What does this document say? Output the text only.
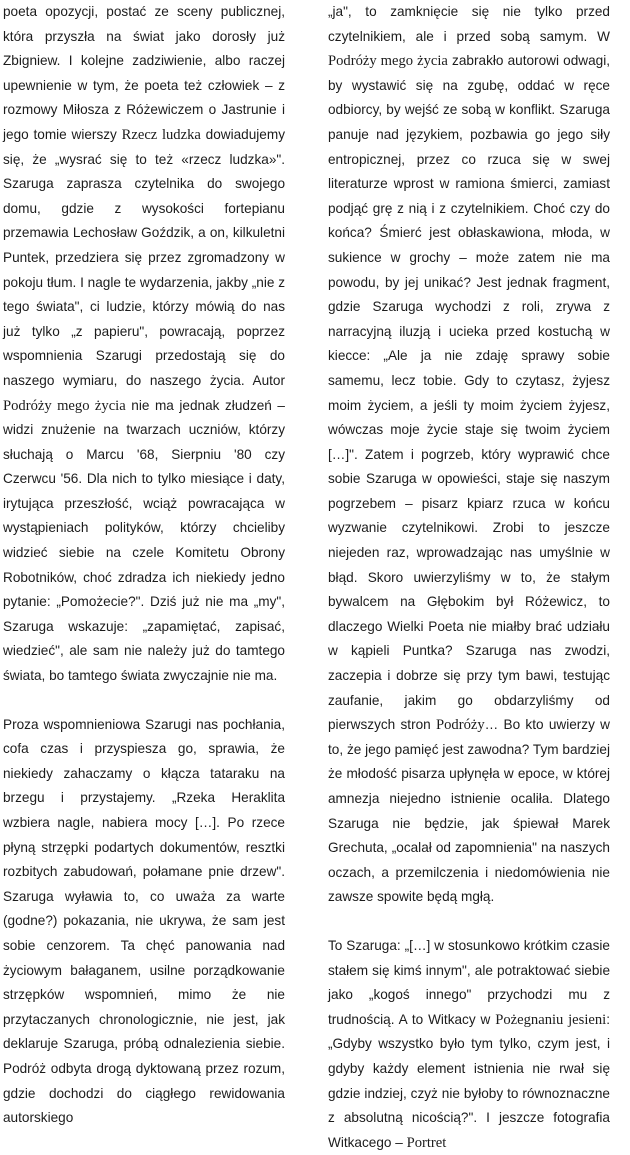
poeta opozycji, postać ze sceny publicznej, która przyszła na świat jako dorosły już Zbigniew. I kolejne zadziwienie, albo raczej upewnienie w tym, że poeta też człowiek – z rozmowy Miłosza z Różewiczem o Jastrunie i jego tomie wierszy Rzecz ludzka dowiadujemy się, że „wysrać się to też «rzecz ludzka»". Szaruga zaprasza czytelnika do swojego domu, gdzie z wysokości fortepianu przemawia Lechosław Goździk, a on, kilkuletni Puntek, przedziera się przez zgromadzony w pokoju tłum. I nagle te wydarzenia, jakby „nie z tego świata", ci ludzie, którzy mówią do nas już tylko „z papieru", powracają, poprzez wspomnienia Szarugi przedostają się do naszego wymiaru, do naszego życia. Autor Podróży mego życia nie ma jednak złudzeń – widzi znużenie na twarzach uczniów, którzy słuchają o Marcu '68, Sierpniu '80 czy Czerwcu '56. Dla nich to tylko miesiące i daty, irytująca przeszłość, wciąż powracająca w wystąpieniach polityków, którzy chcieliby widzieć siebie na czele Komitetu Obrony Robotników, choć zdradza ich niekiedy jedno pytanie: „Pomożecie?". Dziś już nie ma „my", Szaruga wskazuje: „zapamiętać, zapisać, wiedzieć", ale sam nie należy już do tamtego świata, bo tamtego świata zwyczajnie nie ma.

Proza wspomnieniowa Szarugi nas pochłania, cofa czas i przyspiesza go, sprawia, że niekiedy zahaczamy o kłącza tataraku na brzegu i przystajemy. „Rzeka Heraklita wzbiera nagle, nabiera mocy […]. Po rzece płyną strzępki podartych dokumentów, resztki rozbitych zabudowań, połamane pnie drzew". Szaruga wyławia to, co uważa za warte (godne?) pokazania, nie ukrywa, że sam jest sobie cenzorem. Ta chęć panowania nad życiowym bałaganem, usilne porządkowanie strzępków wspomnień, mimo że nie przytaczanych chronologicznie, nie jest, jak deklaruje Szaruga, próbą odnalezienia siebie. Podróż odbyta drogą dyktowaną przez rozum, gdzie dochodzi do ciągłego rewidowania autorskiego

„ja", to zamknięcie się nie tylko przed czytelnikiem, ale i przed sobą samym. W Podróży mego życia zabrakło autorowi odwagi, by wystawić się na zgubę, oddać w ręce odbiorcy, by wejść ze sobą w konflikt. Szaruga panuje nad językiem, pozbawia go jego siły entropicznej, przez co rzuca się w swej literaturze wprost w ramiona śmierci, zamiast podjąć grę z nią i z czytelnikiem. Choć czy do końca? Śmierć jest obłaskawiona, młoda, w sukience w grochy – może zatem nie ma powodu, by jej unikać? Jest jednak fragment, gdzie Szaruga wychodzi z roli, zrywa z narracyjną iluzją i ucieka przed kostuchą w kiecce: „Ale ja nie zdaję sprawy sobie samemu, lecz tobie. Gdy to czytasz, żyjesz moim życiem, a jeśli ty moim życiem żyjesz, wówczas moje życie staje się twoim życiem […]". Zatem i pogrzeb, który wyprawić chce sobie Szaruga w opowieści, staje się naszym pogrzebem – pisarz kpiarz rzuca w końcu wyzwanie czytelnikowi. Zrobi to jeszcze niejeden raz, wprowadzając nas umyślnie w błąd. Skoro uwierzyliśmy w to, że stałym bywalcem na Głębokim był Różewicz, to dlaczego Wielki Poeta nie miałby brać udziału w kąpieli Puntka? Szaruga nas zwodzi, zaczepia i dobrze się przy tym bawi, testując zaufanie, jakim go obdarzyliśmy od pierwszych stron Podróży… Bo kto uwierzy w to, że jego pamięć jest zawodna? Tym bardziej że młodość pisarza upłynęła w epoce, w której amnezja niejedno istnienie ocaliła. Dlatego Szaruga nie będzie, jak śpiewał Marek Grechuta, „ocalał od zapomnienia" na naszych oczach, a przemilczenia i niedomówienia nie zawsze spowite będą mgłą.

To Szaruga: „[…] w stosunkowo krótkim czasie stałem się kimś innym", ale potraktować siebie jako „kogoś innego" przychodzi mu z trudnością. A to Witkacy w Pożegnaniu jesieni: „Gdyby wszystko było tym tylko, czym jest, i gdyby każdy element istnienia nie rwał się gdzie indziej, czyż nie byłoby to równoznaczne z absolutną nicością?". I jeszcze fotografia Witkacego – Portret
